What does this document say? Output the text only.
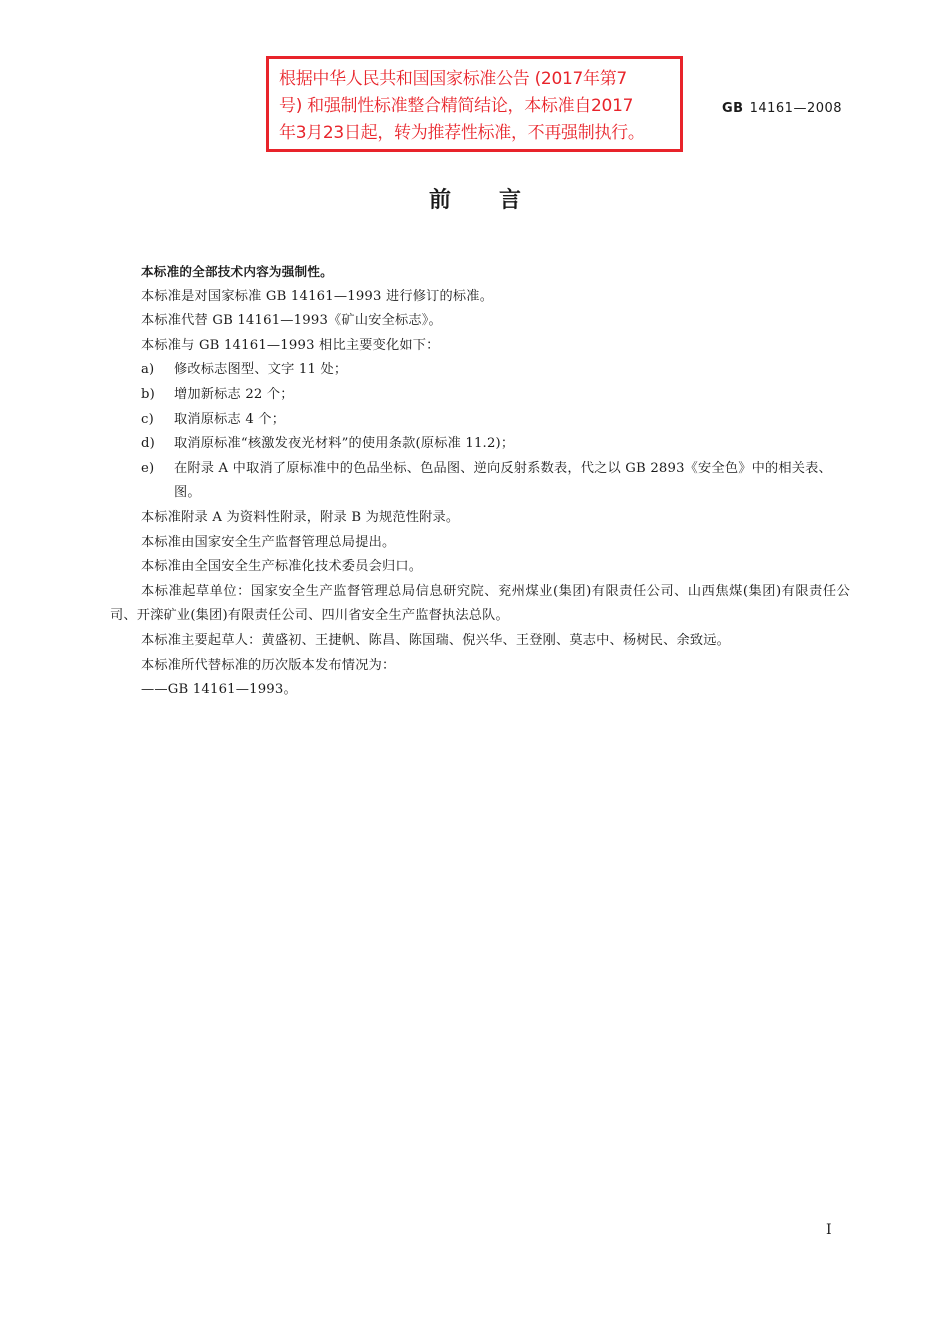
根据中华人民共和国国家标准公告 (2017年第7
号) 和强制性标准整合精简结论，本标准自2017
年3月23日起，转为推荐性标准，不再强制执行。
GB 14161—2008
前言

本标准的全部技术内容为强制性。

本标准是对国家标准 GB 14161—1993 进行修订的标准。

本标准代替 GB 14161—1993《矿山安全标志》。

本标准与 GB 14161—1993 相比主要变化如下：

a) 修改标志图型、文字 11 处；

b) 增加新标志 22 个；

c) 取消原标志 4 个；

d) 取消原标准“核激发夜光材料”的使用条款(原标准 11.2)；

e) 在附录 A 中取消了原标准中的色品坐标、色品图、逆向反射系数表，代之以 GB 2893《安全色》中的相关表、图。

本标准附录 A 为资料性附录，附录 B 为规范性附录。

本标准由国家安全生产监督管理总局提出。

本标准由全国安全生产标准化技术委员会归口。

本标准起草单位：国家安全生产监督管理总局信息研究院、兖州煤业(集团)有限责任公司、山西焦煤(集团)有限责任公司、开滦矿业(集团)有限责任公司、四川省安全生产监督执法总队。

本标准主要起草人：黄盛初、王捷帆、陈昌、陈国瑞、倪兴华、王登刚、莫志中、杨树民、余致远。

本标准所代替标准的历次版本发布情况为：

——GB 14161—1993。

I
